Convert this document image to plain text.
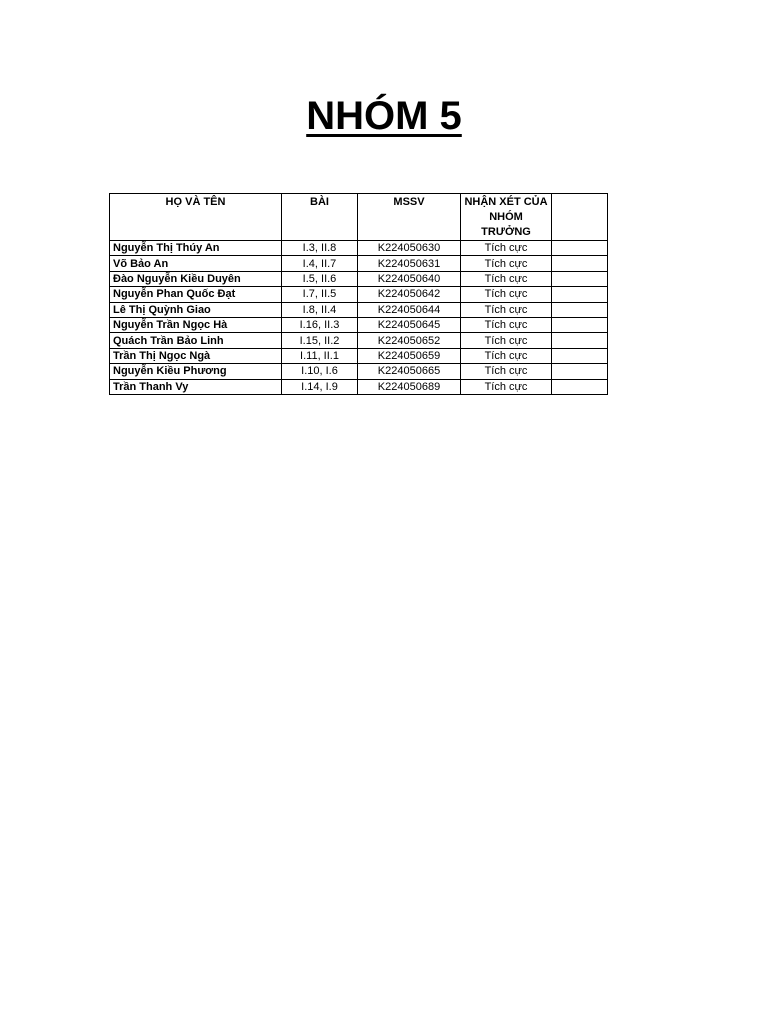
NHÓM 5
HỌ VÀ TÊN	BÀI	MSSV	NHẬN XÉT CỦA NHÓM TRƯỞNG	
Nguyễn Thị Thúy An	I.3, II.8	K224050630	Tích cực	
Võ Bảo An	I.4, II.7	K224050631	Tích cực	
Đào Nguyễn Kiều Duyên	I.5, II.6	K224050640	Tích cực	
Nguyễn Phan Quốc Đạt	I.7, II.5	K224050642	Tích cực	
Lê Thị Quỳnh Giao	I.8, II.4	K224050644	Tích cực	
Nguyễn Trần Ngọc Hà	I.16, II.3	K224050645	Tích cực	
Quách Trần Bảo Linh	I.15, II.2	K224050652	Tích cực	
Trần Thị Ngọc Ngà	I.11, II.1	K224050659	Tích cực	
Nguyễn Kiều Phương	I.10, I.6	K224050665	Tích cực	
Trần Thanh Vy	I.14, I.9	K224050689	Tích cực	
